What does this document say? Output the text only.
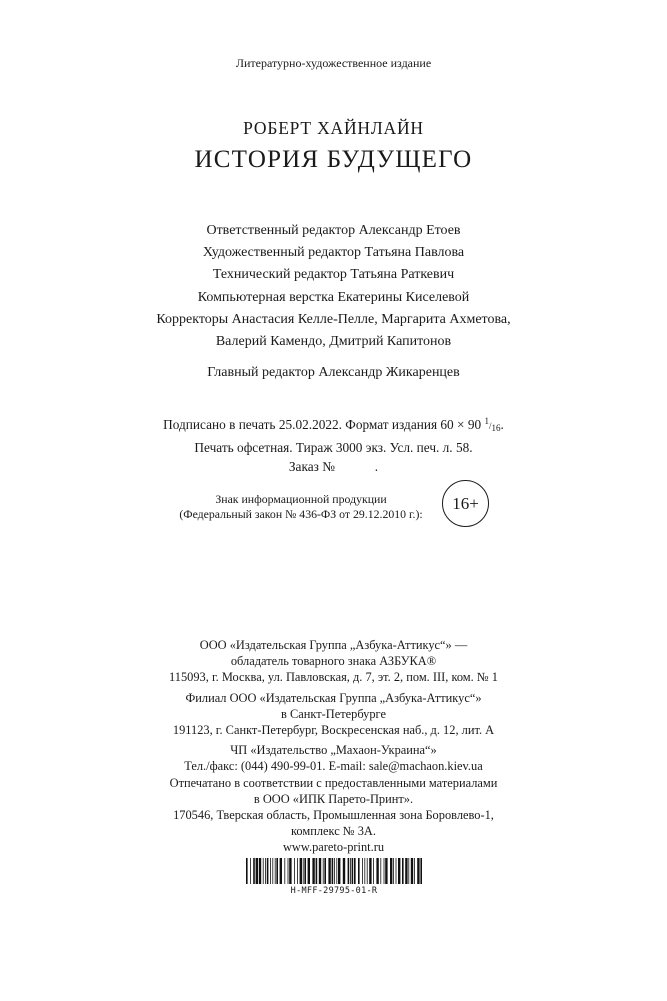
Литературно-художественное издание
РОБЕРТ ХАЙНЛАЙН
ИСТОРИЯ БУДУЩЕГО
Ответственный редактор Александр Етоев
Художественный редактор Татьяна Павлова
Технический редактор Татьяна Раткевич
Компьютерная верстка Екатерины Киселевой
Корректоры Анастасия Келле-Пелле, Маргарита Ахметова,
Валерий Камендо, Дмитрий Капитонов
Главный редактор Александр Жикаренцев
Подписано в печать 25.02.2022. Формат издания 60 × 90 $^1/_{16}$.
Печать офсетная. Тираж 3000 экз. Усл. печ. л. 58.
Заказ №            .
Знак информационной продукции
(Федеральный закон № 436-ФЗ от 29.12.2010 г.):
16+
ООО «Издательская Группа „Азбука-Аттикус“» —
обладатель товарного знака АЗБУКА®
115093, г. Москва, ул. Павловская, д. 7, эт. 2, пом. III, ком. № 1
Филиал ООО «Издательская Группа „Азбука-Аттикус“»
в Санкт-Петербурге
191123, г. Санкт-Петербург, Воскресенская наб., д. 12, лит. А
ЧП «Издательство „Махаон-Украина“»
Тел./факс: (044) 490-99-01. E-mail: sale@machaon.kiev.ua
Отпечатано в соответствии с предоставленными материалами
в ООО «ИПК Парето-Принт».
170546, Тверская область, Промышленная зона Боровлево-1,
комплекс № 3А.
www.pareto-print.ru
H-MFF-29795-01-R
